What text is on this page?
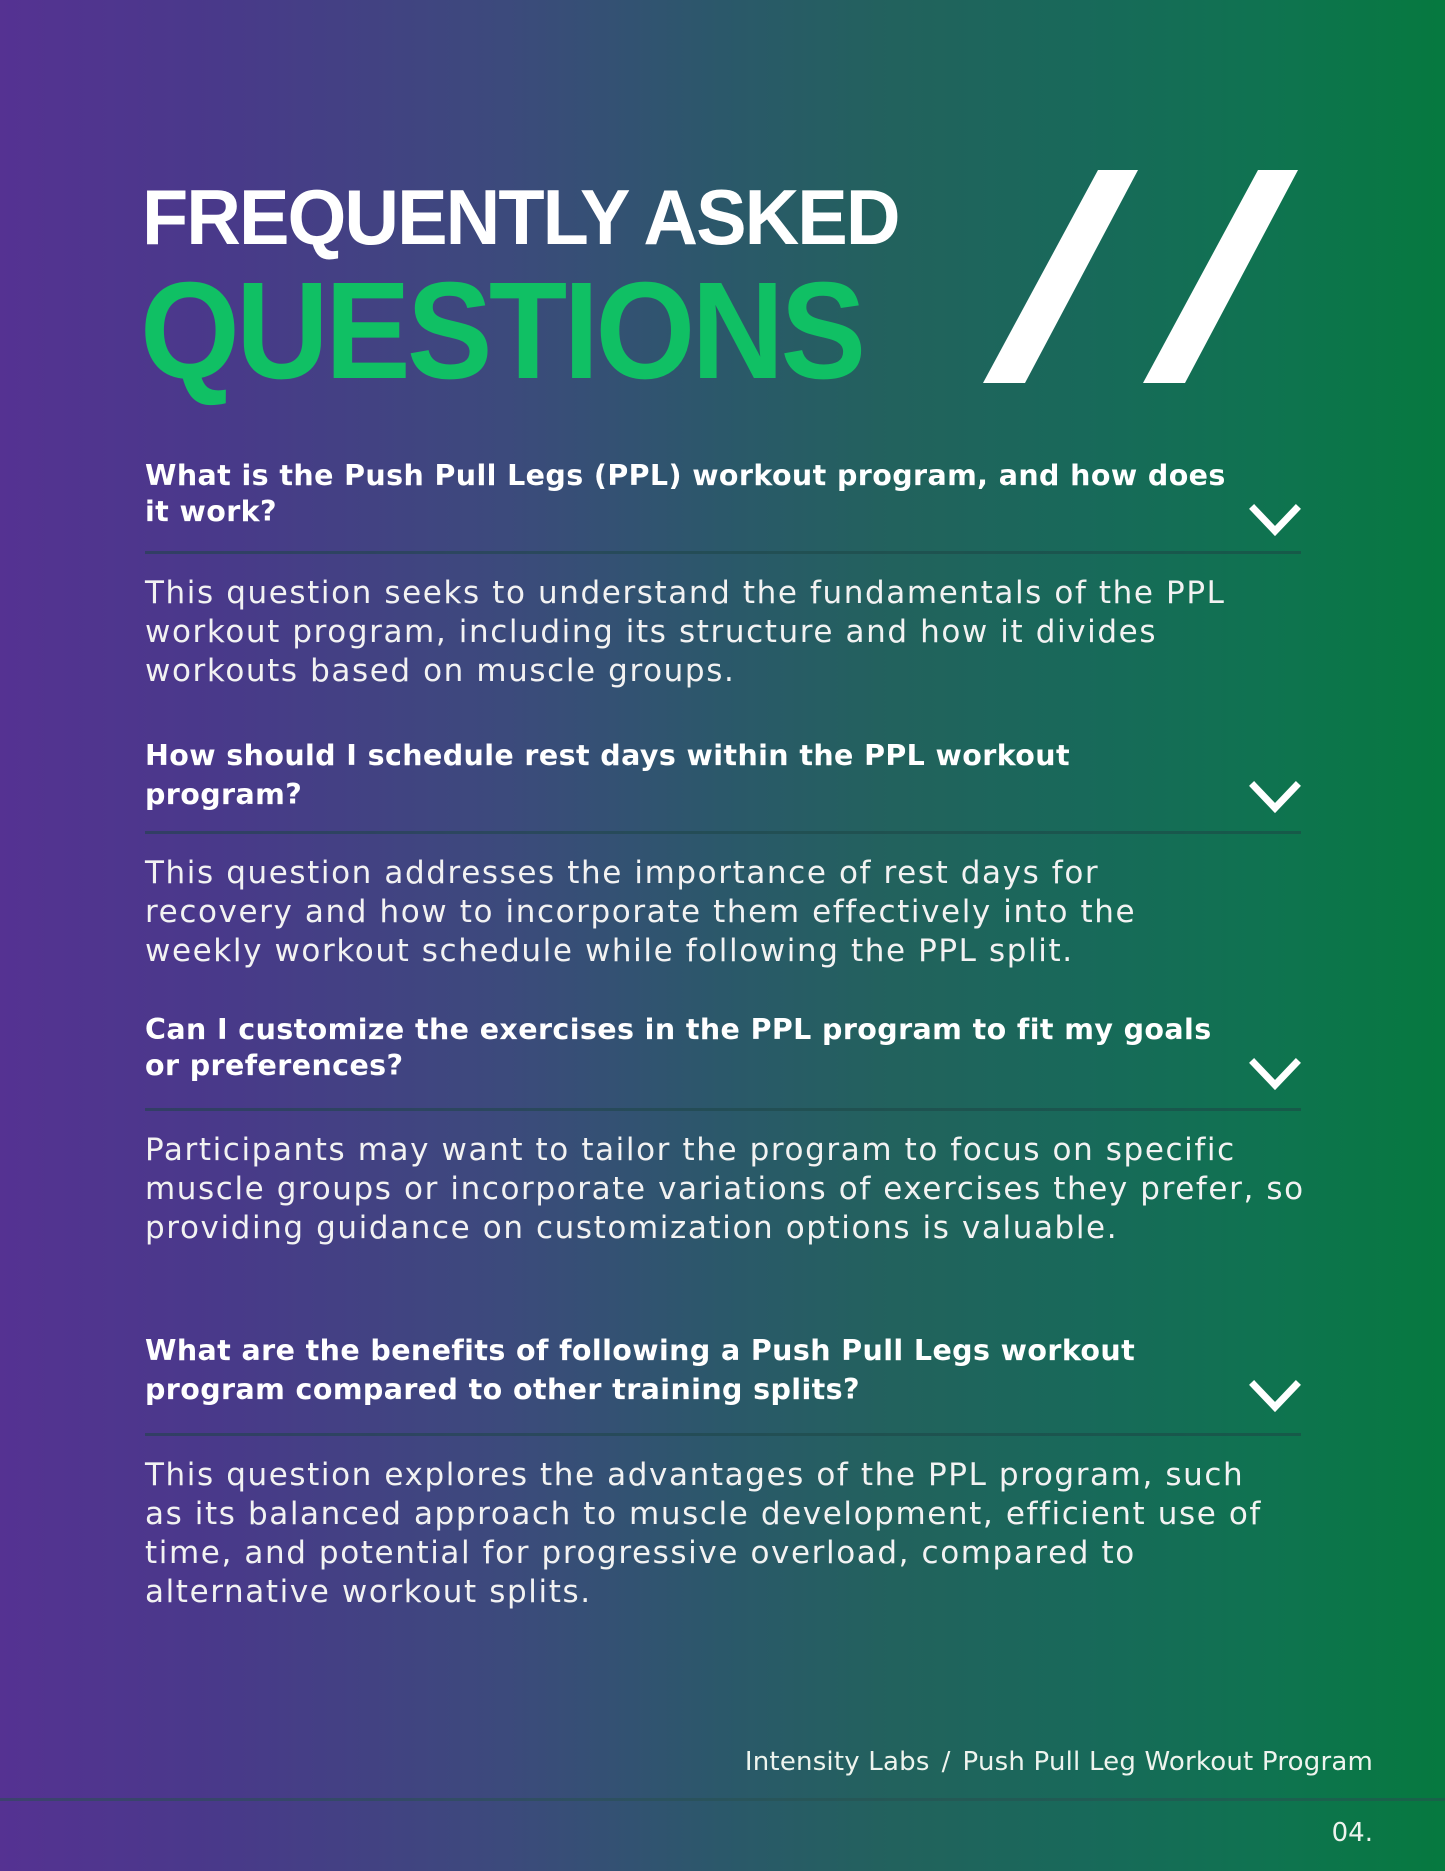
FREQUENTLY ASKED
QUESTIONS
What is the Push Pull Legs (PPL) workout program, and how does it work?
This question seeks to understand the fundamentals of the PPL workout program, including its structure and how it divides workouts based on muscle groups.
How should I schedule rest days within the PPL workout program?
This question addresses the importance of rest days for recovery and how to incorporate them effectively into the weekly workout schedule while following the PPL split.
Can I customize the exercises in the PPL program to fit my goals or preferences?
Participants may want to tailor the program to focus on specific muscle groups or incorporate variations of exercises they prefer, so providing guidance on customization options is valuable.
What are the benefits of following a Push Pull Legs workout program compared to other training splits?
This question explores the advantages of the PPL program, such as its balanced approach to muscle development, efficient use of time, and potential for progressive overload, compared to alternative workout splits.
Intensity Labs / Push Pull Leg Workout Program
04.
